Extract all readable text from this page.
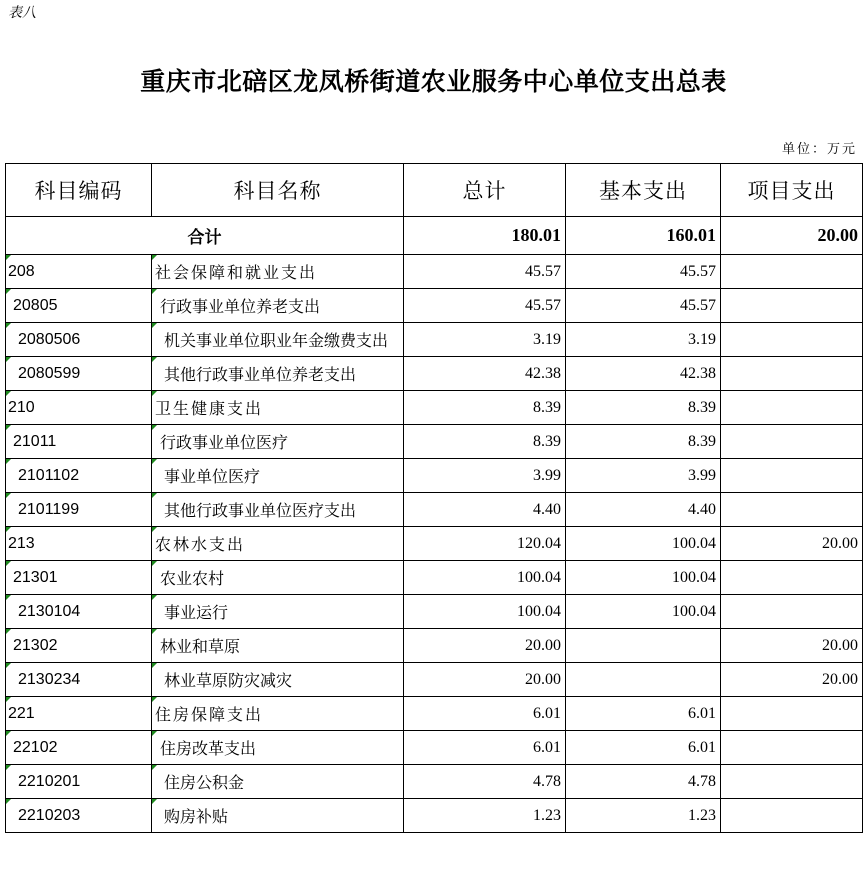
表八
重庆市北碚区龙凤桥街道农业服务中心单位支出总表
单位：万元
科目编码	科目名称	总计	基本支出	项目支出
合计		180.01	160.01	20.00
208	社会保障和就业支出	45.57	45.57	
20805	行政事业单位养老支出	45.57	45.57	
2080506	机关事业单位职业年金缴费支出	3.19	3.19	
2080599	其他行政事业单位养老支出	42.38	42.38	
210	卫生健康支出	8.39	8.39	
21011	行政事业单位医疗	8.39	8.39	
2101102	事业单位医疗	3.99	3.99	
2101199	其他行政事业单位医疗支出	4.40	4.40	
213	农林水支出	120.04	100.04	20.00
21301	农业农村	100.04	100.04	
2130104	事业运行	100.04	100.04	
21302	林业和草原	20.00		20.00
2130234	林业草原防灾减灾	20.00		20.00
221	住房保障支出	6.01	6.01	
22102	住房改革支出	6.01	6.01	
2210201	住房公积金	4.78	4.78	
2210203	购房补贴	1.23	1.23	
